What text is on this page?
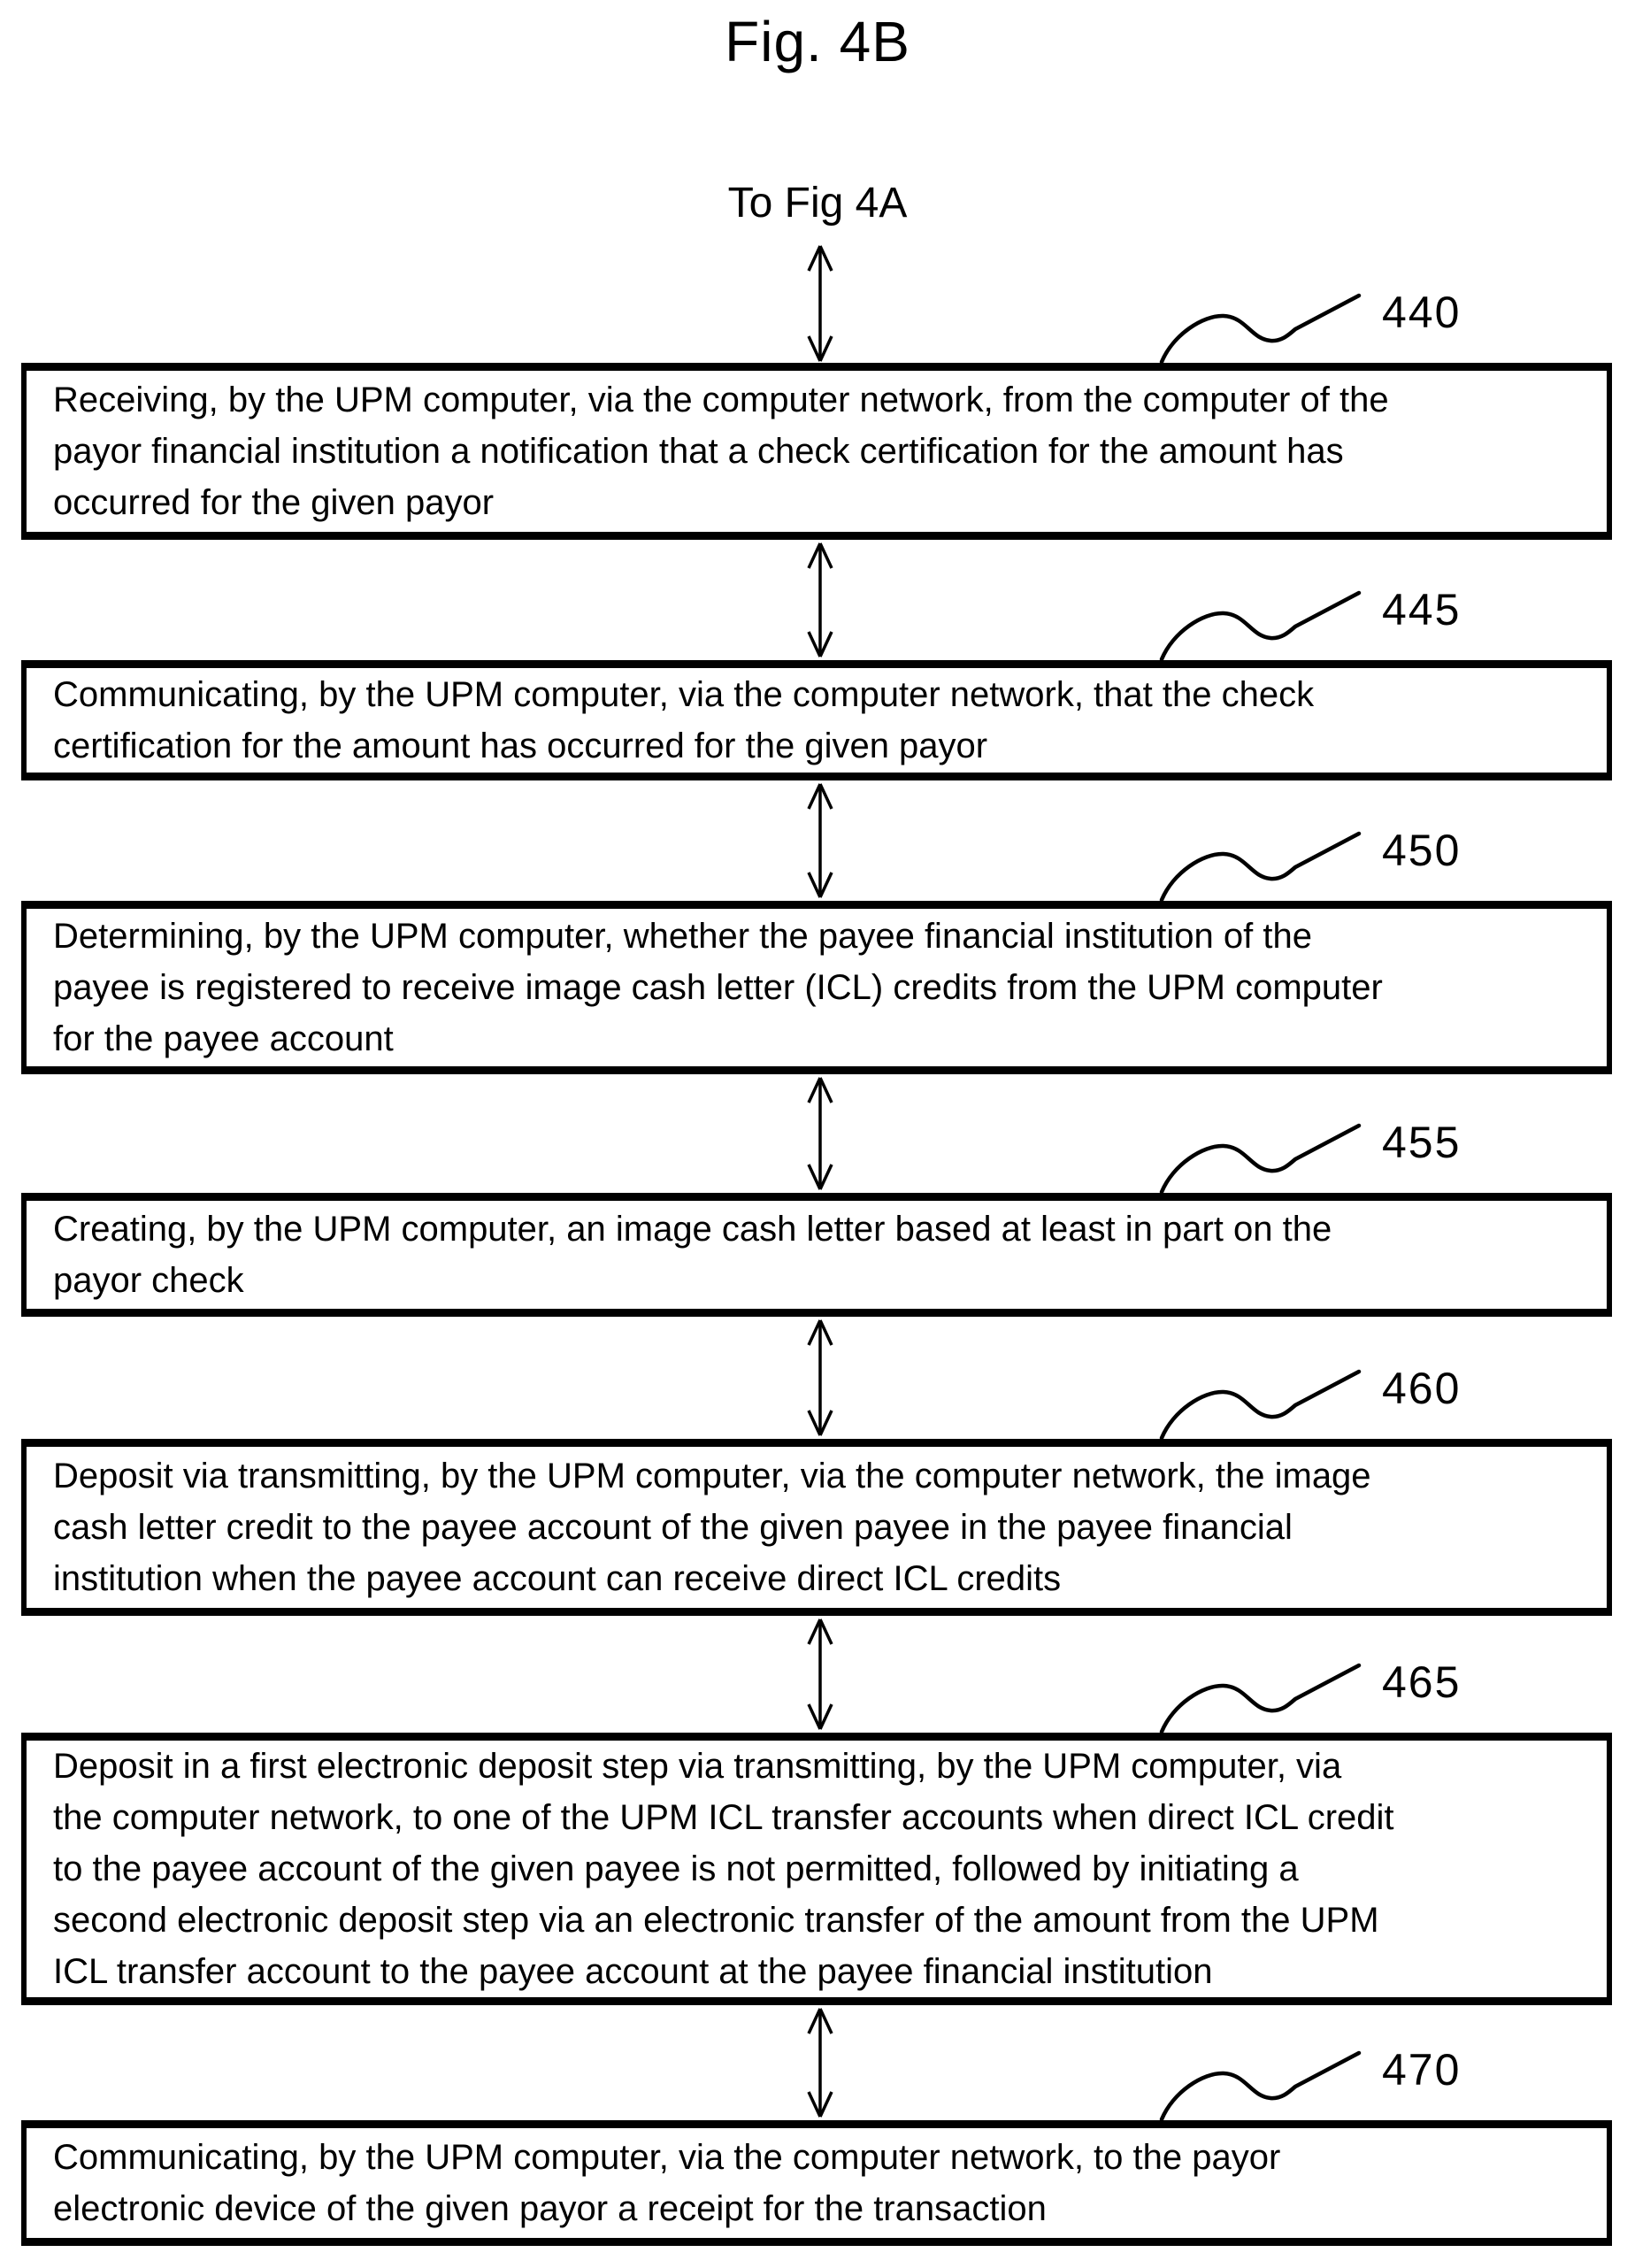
Fig. 4B
To Fig 4A
440
Receiving, by the UPM computer, via the computer network, from the computer of the
payor financial institution a notification that a check certification for the amount has
occurred for the given payor
445
Communicating, by the UPM computer, via the computer network, that the check
certification for the amount has occurred for the given payor
450
Determining, by the UPM computer, whether the payee financial institution of the
payee is registered to receive image cash letter (ICL) credits from the UPM computer
for the payee account
455
Creating, by the UPM computer, an image cash letter based at least in part on the
payor check
460
Deposit via transmitting, by the UPM computer, via the computer network, the image
cash letter credit to the payee account of the given payee in the payee financial
institution when the payee account can receive direct ICL credits
465
Deposit in a first electronic deposit step via transmitting, by the UPM computer, via
the computer network, to one of the UPM ICL transfer accounts when direct ICL credit
to the payee account of the given payee is not permitted, followed by initiating a
second electronic deposit step via an electronic transfer of the amount from the UPM
ICL transfer account to the payee account at the payee financial institution
470
Communicating, by the UPM computer, via the computer network, to the payor
electronic device of the given payor a receipt for the transaction
